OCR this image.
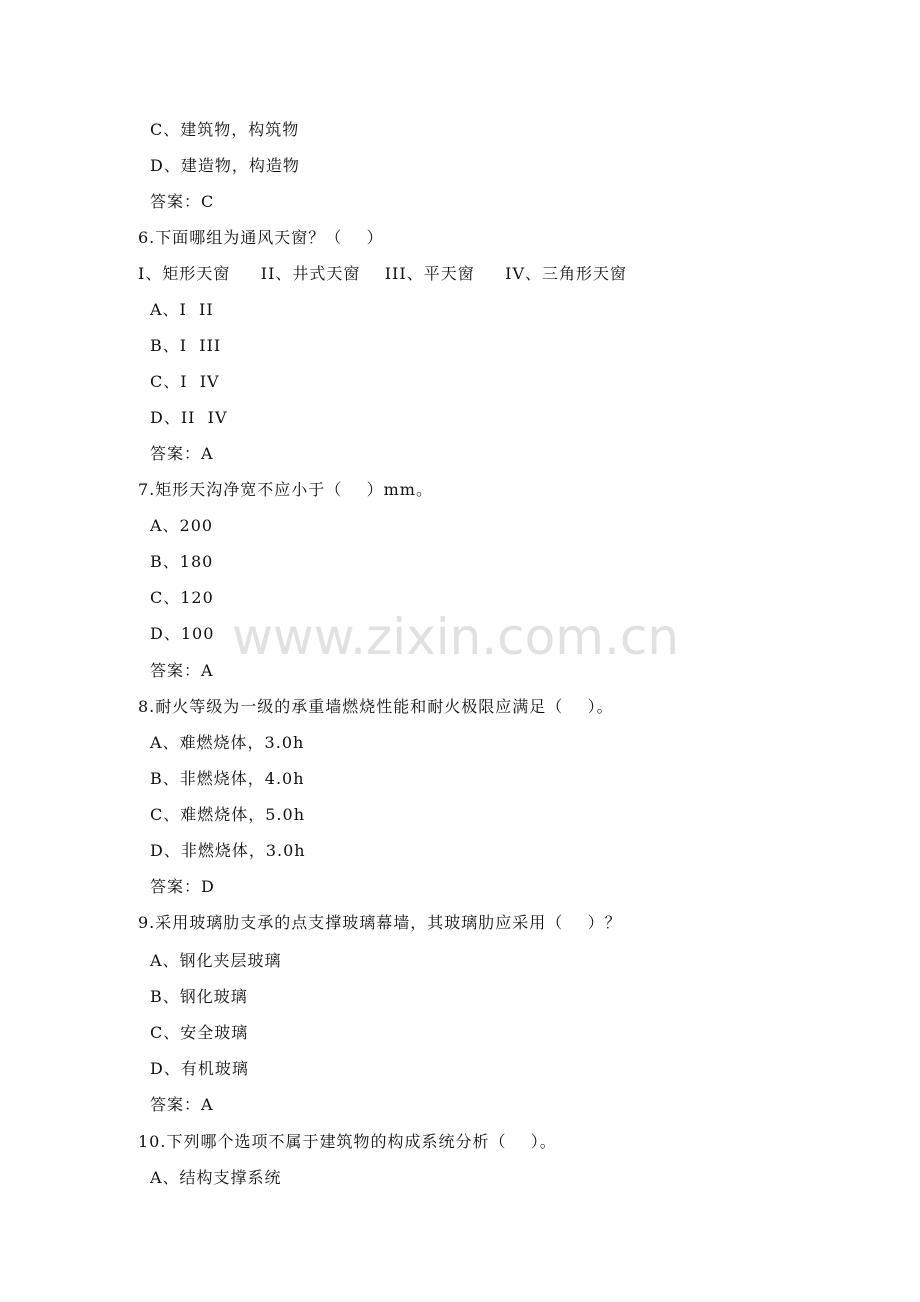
C、建筑物，构筑物
D、建造物，构造物
答案：C
6.下面哪组为通风天窗？（    ）
I、矩形天窗     II、井式天窗    III、平天窗     IV、三角形天窗
A、I  II
B、I  III
C、I  IV
D、II  IV
答案：A
7.矩形天沟净宽不应小于（    ）mm。
A、200
B、180
C、120
D、100
答案：A
8.耐火等级为一级的承重墙燃烧性能和耐火极限应满足（    ）。
A、难燃烧体，3.0h
B、非燃烧体，4.0h
C、难燃烧体，5.0h
D、非燃烧体，3.0h
答案：D
9.采用玻璃肋支承的点支撑玻璃幕墙，其玻璃肋应采用（    ）？
A、钢化夹层玻璃
B、钢化玻璃
C、安全玻璃
D、有机玻璃
答案：A
10.下列哪个选项不属于建筑物的构成系统分析（    ）。
A、结构支撑系统
www.zixin.com.cn
